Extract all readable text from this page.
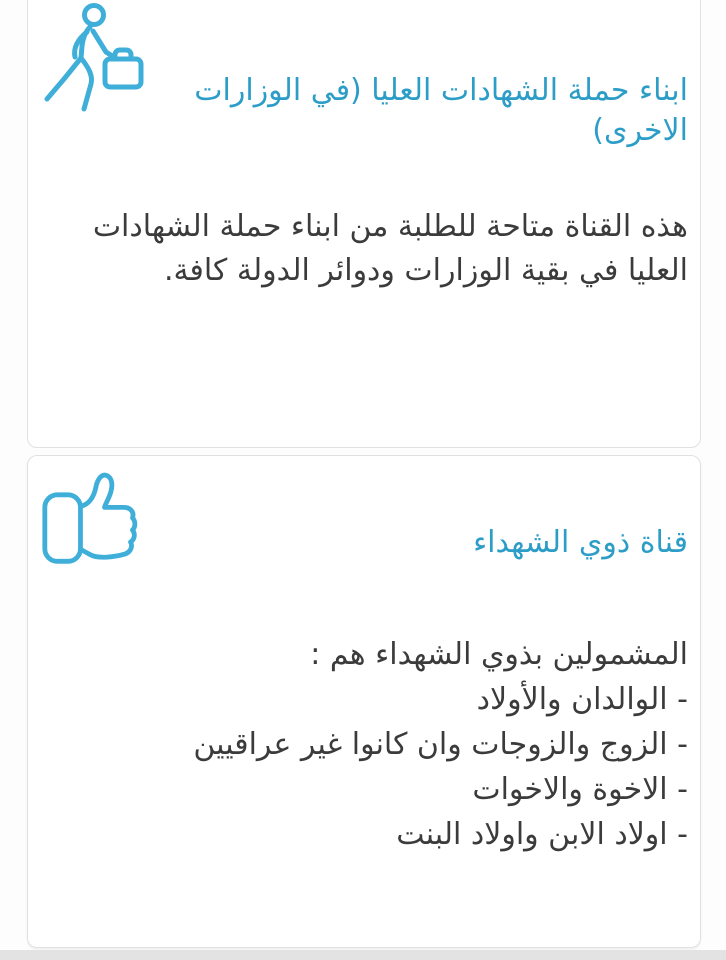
ابناء حملة الشهادات العليا (في الوزارات الاخرى)
هذه القناة متاحة للطلبة من ابناء حملة الشهادات العليا في بقية الوزارات ودوائر الدولة كافة.
قناة ذوي الشهداء
المشمولين بذوي الشهداء هم :
- الوالدان والأولاد
- الزوج والزوجات وان كانوا غير عراقيين
- الاخوة والاخوات
- اولاد الابن واولاد البنت
